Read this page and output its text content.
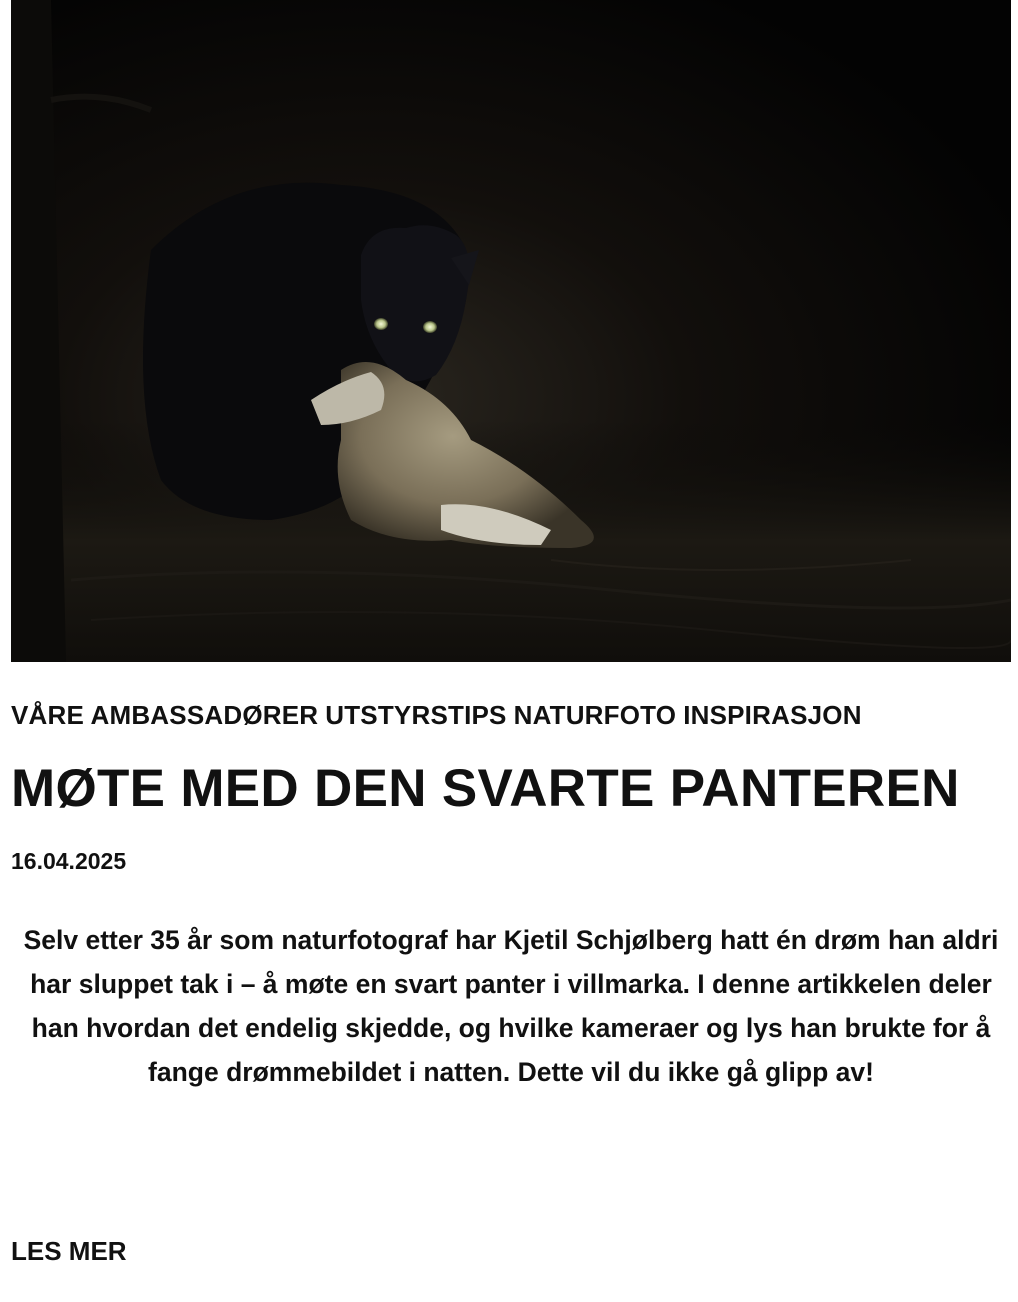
VÅRE AMBASSADØRER UTSTYRSTIPS NATURFOTO INSPIRASJON
MØTE MED DEN SVARTE PANTEREN
16.04.2025

Selv etter 35 år som naturfotograf har Kjetil Schjølberg hatt én drøm han aldri har sluppet tak i – å møte en svart panter i villmarka. I denne artikkelen deler han hvordan det endelig skjedde, og hvilke kameraer og lys han brukte for å fange drømmebildet i natten. Dette vil du ikke gå glipp av!

LES MER
